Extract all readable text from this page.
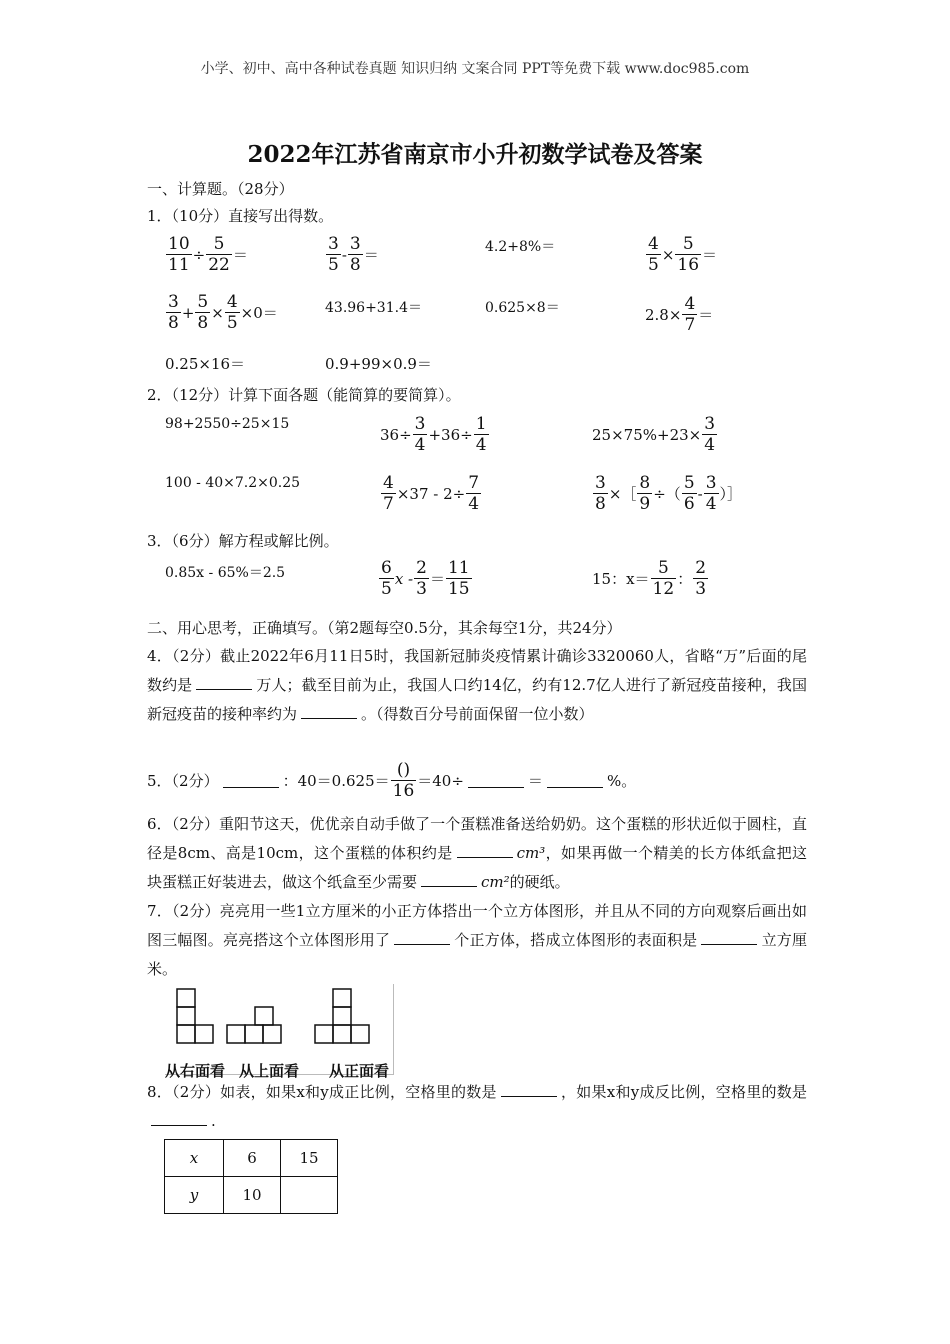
小学、初中、高中各种试卷真题 知识归纳 文案合同 PPT等免费下载 www.doc985.com
2022年江苏省南京市小升初数学试卷及答案
一、计算题。（28分）
1．（10分）直接写出得数。
10
11
÷
5
22 ＝
3
5
-
3
8 ＝	4.2+8%＝	4
5
×
5
16 ＝
3
8
+
5
8
×
4
5 ×0＝	43.96+31.4＝	0.625×8＝	2.8×
4
7 ＝
0.25×16＝	0.9+99×0.9＝
2．（12分）计算下面各题（能简算的要简算）。
98+2550÷25×15
36÷
3
4
+36÷
1
4
25×75%+23×
3
4
100 - 40×7.2×0.25	4
7
×37 - 2÷
7
4
3
8 ×［
8
9 ÷（
5
6
-
3
4 ）］
3．（6分）解方程或解比例。
0.85x - 65%＝2.5	6
5
x -
2
3 ＝
11
15	15：x＝
5
12 ：
2
3
二、用心思考，正确填写。（第2题每空0.5分，其余每空1分，共24分）
4．（2分）截止2022年6月11日5时，我国新冠肺炎疫情累计确诊3320060人，省略“万”后面的尾数约是	万人；截至目前为止，我国人口约14亿，约有12.7亿人进行了新冠疫苗接种，我国新冠疫苗的接种率约为	。（得数百分号前面保留一位小数）
5．（2分）	：40＝0.625＝
()
16 ＝40÷	＝	%。
6．（2分）重阳节这天，优优亲自动手做了一个蛋糕准备送给奶奶。这个蛋糕的形状近似于圆柱，直径是8cm、高是10cm，这个蛋糕的体积约是	cm³，如果再做一个精美的长方体纸盒把这块蛋糕正好装进去，做这个纸盒至少需要	cm²的硬纸。
7．（2分）亮亮用一些1立方厘米的小正方体搭出一个立方体图形，并且从不同的方向观察后画出如图三幅图。亮亮搭这个立体图形用了	个正方体，搭成立体图形的表面积是	立方厘米。
从右面看 从上面看 从正面看
8．（2分）如表，如果x和y成正比例，空格里的数是	，如果x和y成反比例，空格里的数是.
x	6	15
y	10	
